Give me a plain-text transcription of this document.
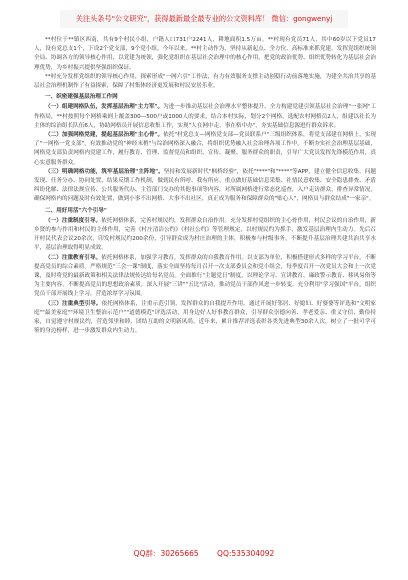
关注头条号"公文研究"，获得最新最全最专业的公文资料库！ 微信：gongwenyj

**村位于**镇区西南，共有9个村民小组，户籍人口731户2241人，耕地面积1.5万亩。**村现有党员71人，其中60岁以下党员17人，设有党总支1个，下设2个党支部，9个党小组。今年以来，**村主动作为，坚持从新起点、全方位、高标准来抓党建，发挥党组织统领全局、协调各方的领导核心作用，以党建为统领，强化党组织在基层社会治理中的核心作用，把党的政治优势、组织优势转化为基层社会治理优势，为乡村振兴提供坚强组织保证。

**村充分发挥党组织的领导核心作用，探索形成"一网六引"工作法，有力有效服务支撑主动创稳行动前落地实施，为建全共治共享的基层社会治理机制作了有益探索，保障了村集体经济更发展和村民安居乐业。

一、织密建强基层治理工作网

（一）组建网格队伍，发挥基层治理"主力军"。为进一步推动基层社会治理水平整体提升，全力构建党建引领基层社会治理"一张网"工作格局，**村按照每个网格乘则上覆盖300—500户或1000人的要求，结合本村实际，划分2个网格，选配农村网格员2人，组建以社长为主体的综治组长队伍6人，协助网格员开展信息收集工作，实现"人在网中走、事在格中办"，夯实基础信息源进行群众诉求。

（二）加强网格党建，提起基层治理"主心骨"。依托"村党总支—网格党支部—党员联系户"三级组织体系，将党支部建在网格上，实现了"一网格一党支部"，有效推动党的"神经末梢"与综治网格深入融合，将组织优势融入社会治理各项工作中。不断夯实社会治理基层基础，网格党支部负责网格内党建工作，履行教育、管理、监督党员和组织、宣传、凝聚、服务群众的职责，引导广大党员发挥先锋模范作用，真心实意服务群众。

（三）明确网格功能，筑牢基层治理"主阵地"。坚持和发展新时代"枫桥经验"，依托"****"和"****"等APP，建立健全信息收集、问题发现、任务分办、协同处置、结果反馈工作机制，做到民有所呼、我有所应。重点做好基础信息采集、社情民意收集、安全隐患排查、矛盾纠纷化解、法律法规宣传、公共服务代办、主管部门交办的其他事项等内容，对所属网格进行常态化巡查，入户走访群众，排查异常情况，确保网格内的问题及时有效处置，做到小事不出网格、大事不出社区，真正成为服务和保障群众的"贴心人"，网格员与群众结成"一家亲"。

二、用好用活"六个引导"

（一）注重制度引导。依托网格体系，完善村规民约，发挥群众自治作用。充分发挥村党组织的主心骨作用，村民会议的自治作用，新乡贤的参与作用和村民的主体作用，完善《村庄清洁公约》《村社公约》等管理规定，以村规民约为抓手，激发基层治理内生动力。先后召开村民代表会议20余次，印发村规民约200余份，引导群众成为村庄治理的主体，积极参与村级事务，不断提升基层治理共建共治共享水平，基层治理取得明显成效。

（二）注重教育引导。依托网格体系，加强学习教育，发挥群众的自我教育作用。以支部为单位，积极搭建形式多样的学习平台，不断提高党员的综合素质。严格规范"三会一课"制度，落实全面坚持每月召开一次支部委员会和党小组会，每季度召开一次党员大会和上一次党课，及时将党的最新政策和相关法律法规传达给每名党员。全面推行"主题党日"制度，以理论学习、宣讲教育、廉政警示教育、移风易俗等为主要内容，不断提高党员的思想政治素质。深入开展"三讲""五比"活动，推动党员干部作风进一步转变。充分利用"学习强国"平台，组织党员干部开展线上学习，营造浓厚学习氛围。

（三）注重典型引导。依托网格体系，注重示范引领，发挥群众的自我提升作用。通过开展好邻居、好媳妇、好婆婆等评选和"文明家庭""最美家庭""环境卫生整治示范户""道德模范"评选活动，用身边好人好事教育群众，引导群众崇德向善、孝老爱亲、重义守信、勤俭持家，自觉遵守村规民约，营造邻里和睦、团结互助的文明新风尚。近年来，累计推荐评选表彰各类先进典型30余人次，树立了一批可学可鉴的身边榜样，进一步激发群众内生动力。

QQ群：30265665 QQ:535304092
